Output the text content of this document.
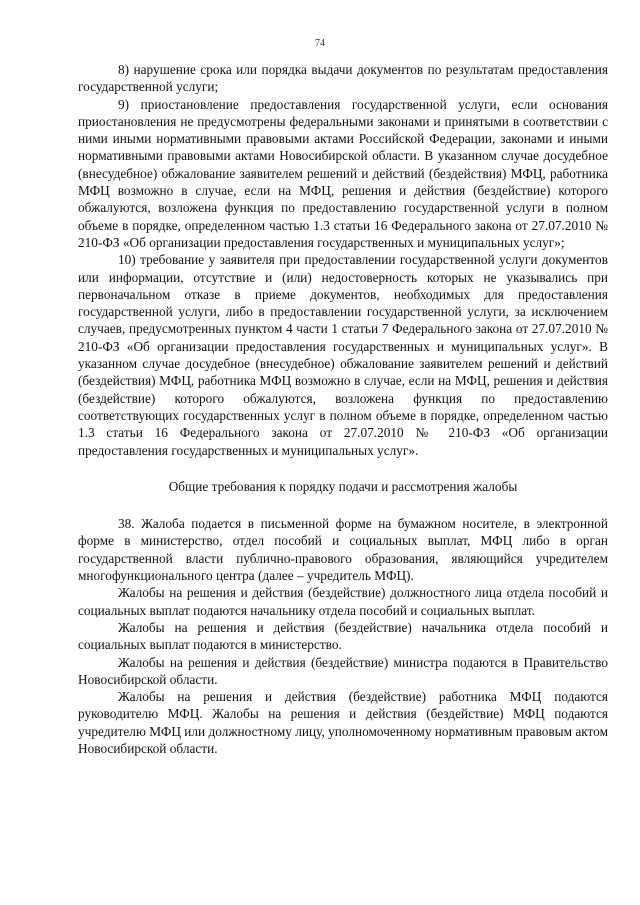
74

8) нарушение срока или порядка выдачи документов по результатам предоставления государственной услуги;

9) приостановление предоставления государственной услуги, если основания приостановления не предусмотрены федеральными законами и принятыми в соответствии с ними иными нормативными правовыми актами Российской Федерации, законами и иными нормативными правовыми актами Новосибирской области. В указанном случае досудебное (внесудебное) обжалование заявителем решений и действий (бездействия) МФЦ, работника МФЦ возможно в случае, если на МФЦ, решения и действия (бездействие) которого обжалуются, возложена функция по предоставлению государственной услуги в полном объеме в порядке, определенном частью 1.3 статьи 16 Федерального закона от 27.07.2010 № 210-ФЗ «Об организации предоставления государственных и муниципальных услуг»;

10) требование у заявителя при предоставлении государственной услуги документов или информации, отсутствие и (или) недостоверность которых не указывались при первоначальном отказе в приеме документов, необходимых для предоставления государственной услуги, либо в предоставлении государственной услуги, за исключением случаев, предусмотренных пунктом 4 части 1 статьи 7 Федерального закона от 27.07.2010 № 210-ФЗ «Об организации предоставления государственных и муниципальных услуг». В указанном случае досудебное (внесудебное) обжалование заявителем решений и действий (бездействия) МФЦ, работника МФЦ возможно в случае, если на МФЦ, решения и действия (бездействие) которого обжалуются, возложена функция по предоставлению соответствующих государственных услуг в полном объеме в порядке, определенном частью 1.3 статьи 16 Федерального закона от 27.07.2010 № 210-ФЗ «Об организации предоставления государственных и муниципальных услуг».

Общие требования к порядку подачи и рассмотрения жалобы

38. Жалоба подается в письменной форме на бумажном носителе, в электронной форме в министерство, отдел пособий и социальных выплат, МФЦ либо в орган государственной власти публично-правового образования, являющийся учредителем многофункционального центра (далее – учредитель МФЦ).

Жалобы на решения и действия (бездействие) должностного лица отдела пособий и социальных выплат подаются начальнику отдела пособий и социальных выплат.

Жалобы на решения и действия (бездействие) начальника отдела пособий и социальных выплат подаются в министерство.

Жалобы на решения и действия (бездействие) министра подаются в Правительство Новосибирской области.

Жалобы на решения и действия (бездействие) работника МФЦ подаются руководителю МФЦ. Жалобы на решения и действия (бездействие) МФЦ подаются учредителю МФЦ или должностному лицу, уполномоченному нормативным правовым актом Новосибирской области.
